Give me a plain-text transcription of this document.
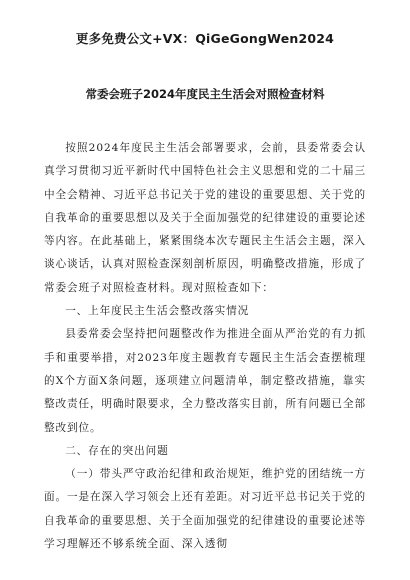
更多免费公文+VX：QiGeGongWen2024

常委会班子2024年度民主生活会对照检查材料

按照2024年度民主生活会部署要求，会前，县委常委会认真学习贯彻习近平新时代中国特色社会主义思想和党的二十届三中全会精神、习近平总书记关于党的建设的重要思想、关于党的自我革命的重要思想以及关于全面加强党的纪律建设的重要论述等内容。在此基础上，紧紧围绕本次专题民主生活会主题，深入谈心谈话，认真对照检查深刻剖析原因，明确整改措施，形成了常委会班子对照检查材料。现对照检查如下：

一、上年度民主生活会整改落实情况

县委常委会坚持把问题整改作为推进全面从严治党的有力抓手和重要举措，对2023年度主题教育专题民主生活会查摆梳理的X个方面X条问题，逐项建立问题清单，制定整改措施，靠实整改责任，明确时限要求，全力整改落实目前，所有问题已全部整改到位。

二、存在的突出问题

（一）带头严守政治纪律和政治规矩，维护党的团结统一方面。一是在深入学习领会上还有差距。对习近平总书记关于党的自我革命的重要思想、关于全面加强党的纪律建设的重要论述等学习理解还不够系统全面、深入透彻
